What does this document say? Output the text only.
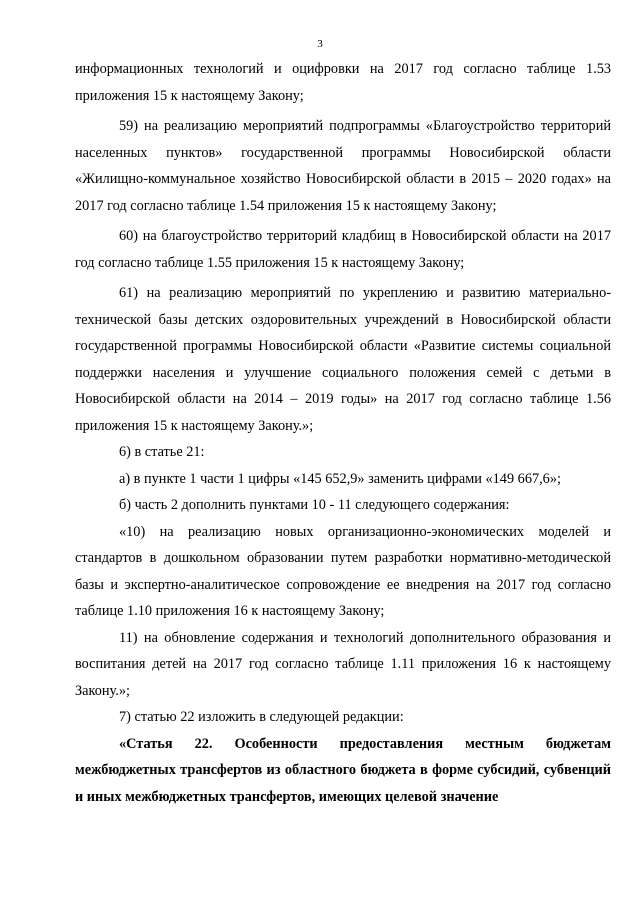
3

информационных технологий и оцифровки на 2017 год согласно таблице 1.53 приложения 15 к настоящему Закону;

59) на реализацию мероприятий подпрограммы «Благоустройство территорий населенных пунктов» государственной программы Новосибирской области «Жилищно-коммунальное хозяйство Новосибирской области в 2015 – 2020 годах» на 2017 год согласно таблице 1.54 приложения 15 к настоящему Закону;

60) на благоустройство территорий кладбищ в Новосибирской области на 2017 год согласно таблице 1.55 приложения 15 к настоящему Закону;

61) на реализацию мероприятий по укреплению и развитию материально-технической базы детских оздоровительных учреждений в Новосибирской области государственной программы Новосибирской области «Развитие системы социальной поддержки населения и улучшение социального положения семей с детьми в Новосибирской области на 2014 – 2019 годы» на 2017 год согласно таблице 1.56 приложения 15 к настоящему Закону.»;

6) в статье 21:

а) в пункте 1 части 1 цифры «145 652,9» заменить цифрами «149 667,6»;

б) часть 2 дополнить пунктами 10 - 11 следующего содержания:

«10) на реализацию новых организационно-экономических моделей и стандартов в дошкольном образовании путем разработки нормативно-методической базы и экспертно-аналитическое сопровождение ее внедрения на 2017 год согласно таблице 1.10 приложения 16 к настоящему Закону;

11) на обновление содержания и технологий дополнительного образования и воспитания детей на 2017 год согласно таблице 1.11 приложения 16 к настоящему Закону.»;

7) статью 22 изложить в следующей редакции:

«Статья 22. Особенности предоставления местным бюджетам межбюджетных трансфертов из областного бюджета в форме субсидий, субвенций и иных межбюджетных трансфертов, имеющих целевой значение
